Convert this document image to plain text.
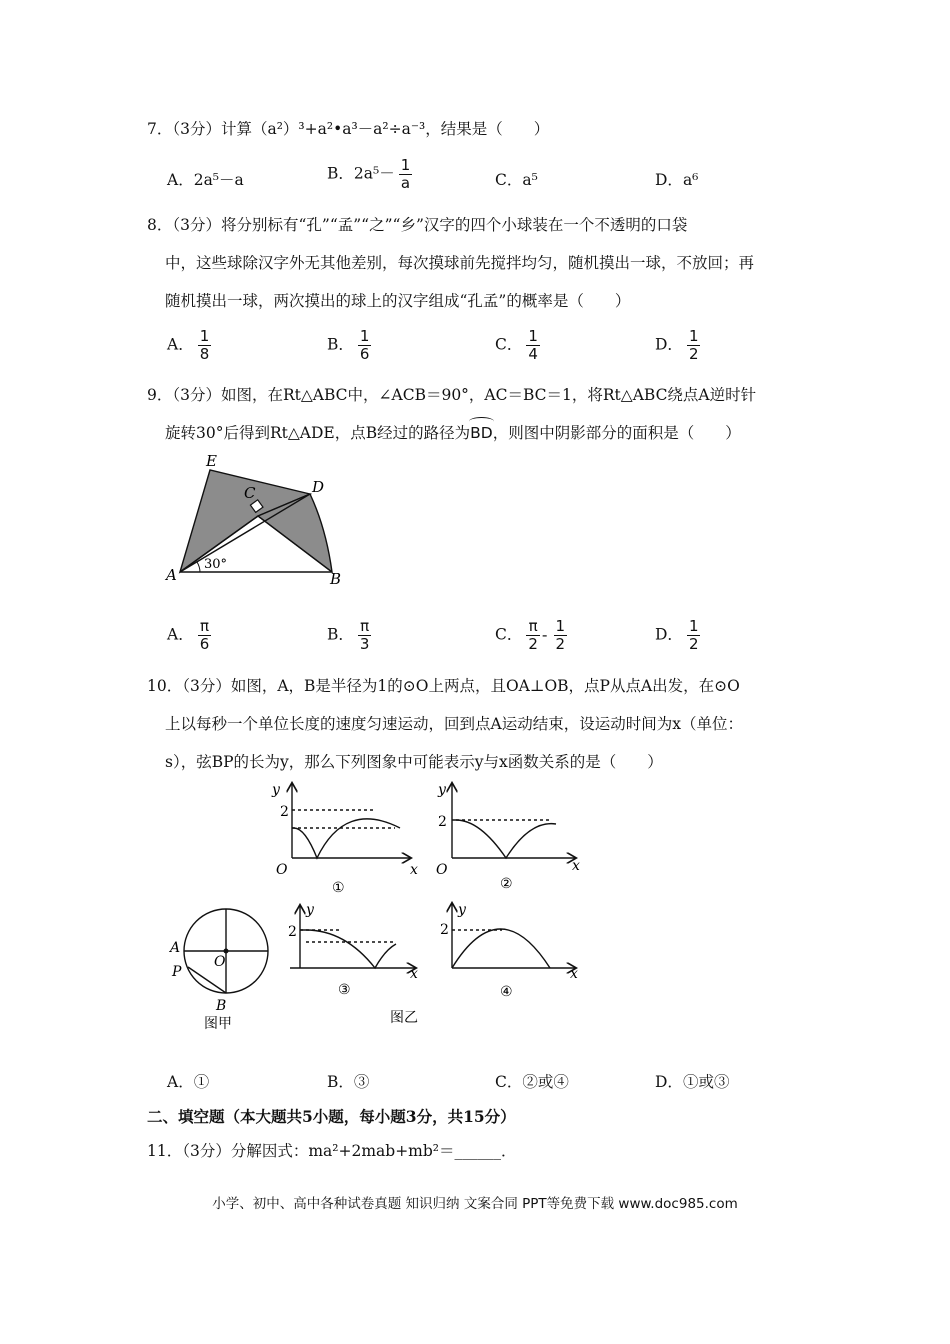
7．（3分）计算（a²）³+a²•a³－a²÷a⁻³，结果是（　　）
A．2a⁵－a	B．$2a^5- \frac{1}{a}$	C．a⁵	D．a⁶
8．（3分）将分别标有“孔”“孟”“之”“乡”汉字的四个小球装在一个不透明的口袋
中，这些球除汉字外无其他差别，每次摸球前先搅拌均匀，随机摸出一球，不放回；再
随机摸出一球，两次摸出的球上的汉字组成“孔孟”的概率是（　　）
A． $\frac{1}{8}$	B． $\frac{1}{6}$	C． $\frac{1}{4}$	D． $\frac{1}{2}$
9．（3分）如图，在Rt△ABC中，∠ACB＝90°，AC＝BC＝1，将Rt△ABC绕点A逆时针
旋转30°后得到Rt△ADE，点B经过的路径为BD，则图中阴影部分的面积是（　　）
E
C	D
A	B
30°
A． $\frac{\pi}{6}$	B． $\frac{\pi}{3}$	C． $\frac{\pi}{2} - \frac{1}{2}$	D． $\frac{1}{2}$
10．（3分）如图，A，B是半径为1的⊙O上两点，且OA⊥OB，点P从点A出发，在⊙O
上以每秒一个单位长度的速度匀速运动，回到点A运动结束，设运动时间为x（单位：
s），弦BP的长为y，那么下列图象中可能表示y与x函数关系的是（　　）
y
2
O	x
①
y
2
O	x
②
y
2
x
③
y
2
x
④
A
O
P
B
图甲	图乙
A．①	B．③	C．②或④	D．①或③
二、填空题（本大题共5小题，每小题3分，共15分）
11．（3分）分解因式：ma²+2mab+mb²＝______．
小学、初中、高中各种试卷真题 知识归纳 文案合同 PPT等免费下载 www.doc985.com
